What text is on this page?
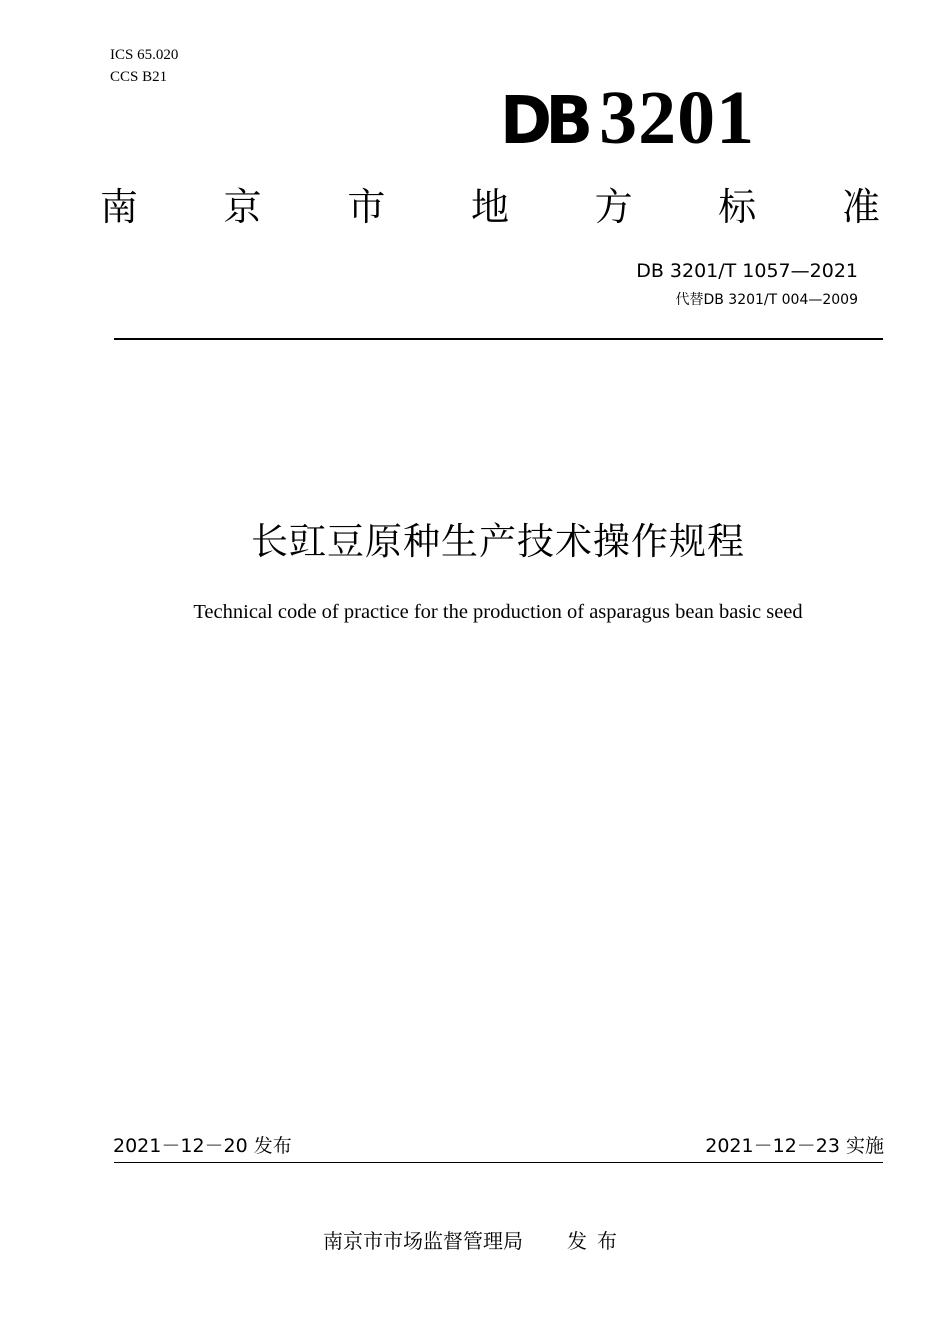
ICS 65.020
CCS B21
DB 3201
南 京 市 地 方 标 准
DB 3201/T 1057—2021
代替DB 3201/T 004—2009
长豇豆原种生产技术操作规程
Technical code of practice for the production of asparagus bean basic seed
2021－12－20 发布	2021－12－23 实施
南京市市场监督管理局 发布
